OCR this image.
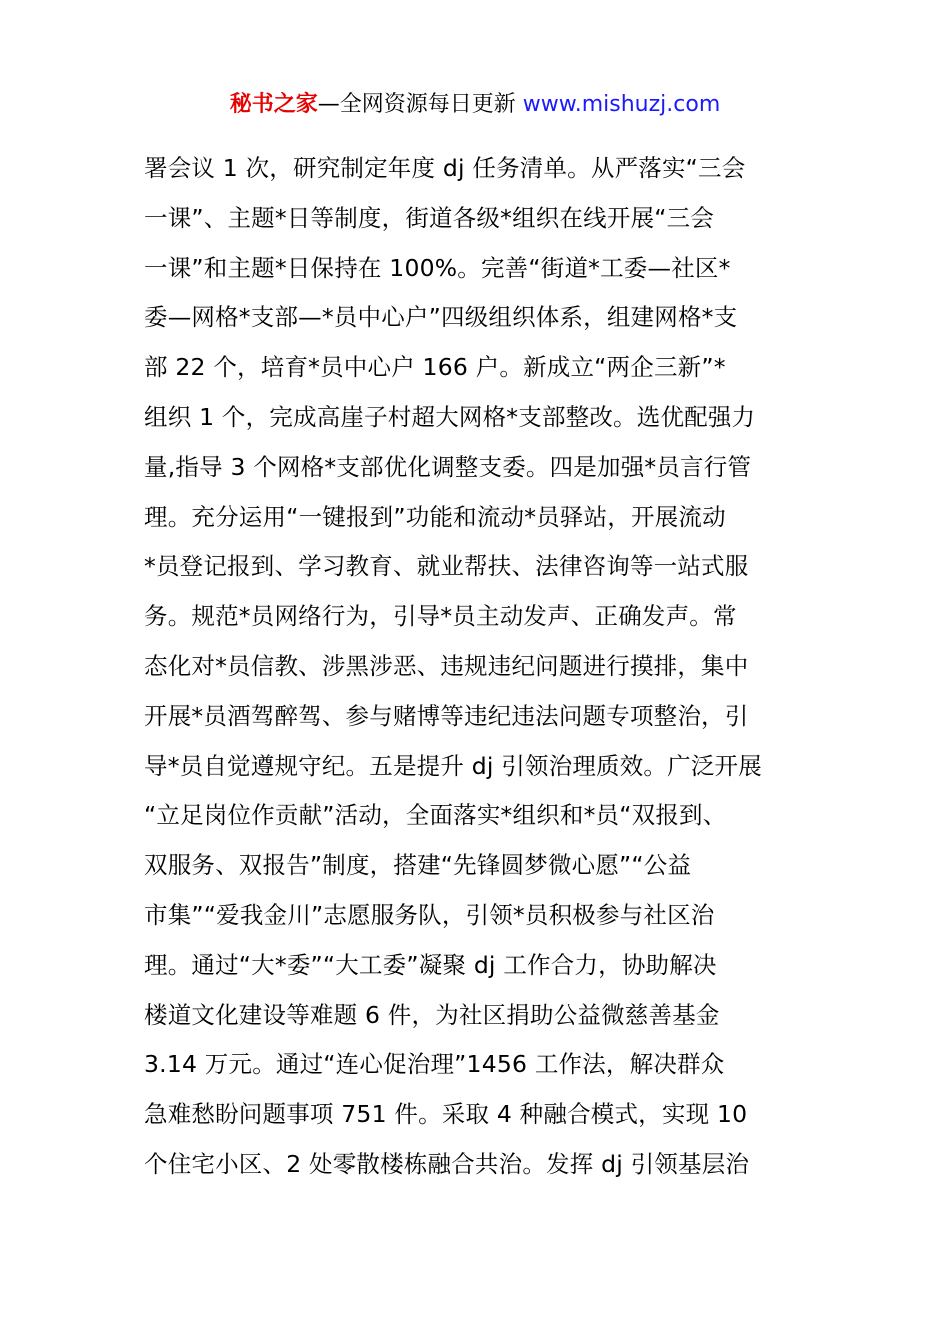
秘书之家—全网资源每日更新 www.mishuzj.com
署会议 1 次，研究制定年度 dj 任务清单。从严落实“三会
一课”、主题*日等制度，街道各级*组织在线开展“三会
一课”和主题*日保持在 100%。完善“街道*工委—社区*
委—网格*支部—*员中心户”四级组织体系，组建网格*支
部 22 个，培育*员中心户 166 户。新成立“两企三新”*
组织 1 个，完成高崖子村超大网格*支部整改。选优配强力
量,指导 3 个网格*支部优化调整支委。四是加强*员言行管
理。充分运用“一键报到”功能和流动*员驿站，开展流动
*员登记报到、学习教育、就业帮扶、法律咨询等一站式服
务。规范*员网络行为，引导*员主动发声、正确发声。常
态化对*员信教、涉黑涉恶、违规违纪问题进行摸排，集中
开展*员酒驾醉驾、参与赌博等违纪违法问题专项整治，引
导*员自觉遵规守纪。五是提升 dj 引领治理质效。广泛开展
“立足岗位作贡献”活动，全面落实*组织和*员“双报到、
双服务、双报告”制度，搭建“先锋圆梦微心愿”“公益
市集”“爱我金川”志愿服务队，引领*员积极参与社区治
理。通过“大*委”“大工委”凝聚 dj 工作合力，协助解决
楼道文化建设等难题 6 件，为社区捐助公益微慈善基金
3.14 万元。通过“连心促治理”1456 工作法，解决群众
急难愁盼问题事项 751 件。采取 4 种融合模式，实现 10
个住宅小区、2 处零散楼栋融合共治。发挥 dj 引领基层治
